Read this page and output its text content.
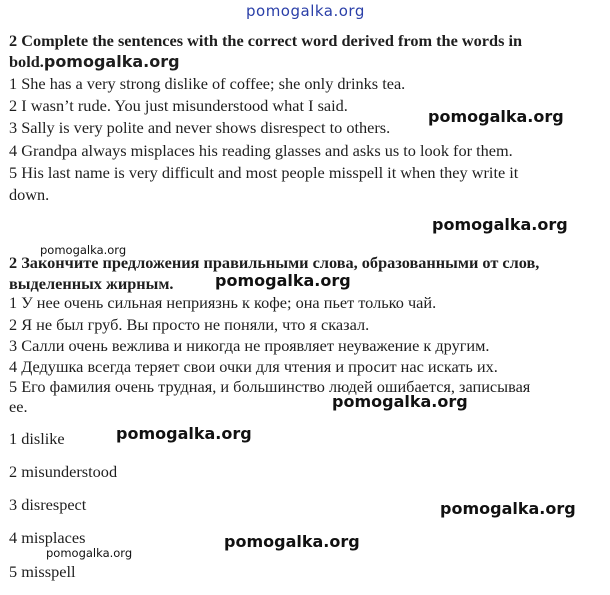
pomogalka.org
2 Complete the sentences with the correct word derived from the words in
bold.pomogalka.org
1 She has a very strong dislike of coffee; she only drinks tea.
2 I wasn’t rude. You just misunderstood what I said.
3 Sally is very polite and never shows disrespect to others.
4 Grandpa always misplaces his reading glasses and asks us to look for them.
5 His last name is very difficult and most people misspell it when they write it
down.
pomogalka.org
pomogalka.org
2 Закончите предложения правильными слова, образованными от слов,
pomogalka.org
выделенных жирным.	pomogalka.org
1 У нее очень сильная неприязнь к кофе; она пьет только чай.
2 Я не был груб. Вы просто не поняли, что я сказал.
3 Салли очень вежлива и никогда не проявляет неуважение к другим.
4 Дедушка всегда теряет свои очки для чтения и просит нас искать их.
5 Его фамилия очень трудная, и большинство людей ошибается, записывая
ее.	pomogalka.org
1 dislike	pomogalka.org
2 misunderstood
3 disrespect	pomogalka.org
4 misplaces	pomogalka.org
pomogalka.org
5 misspell
